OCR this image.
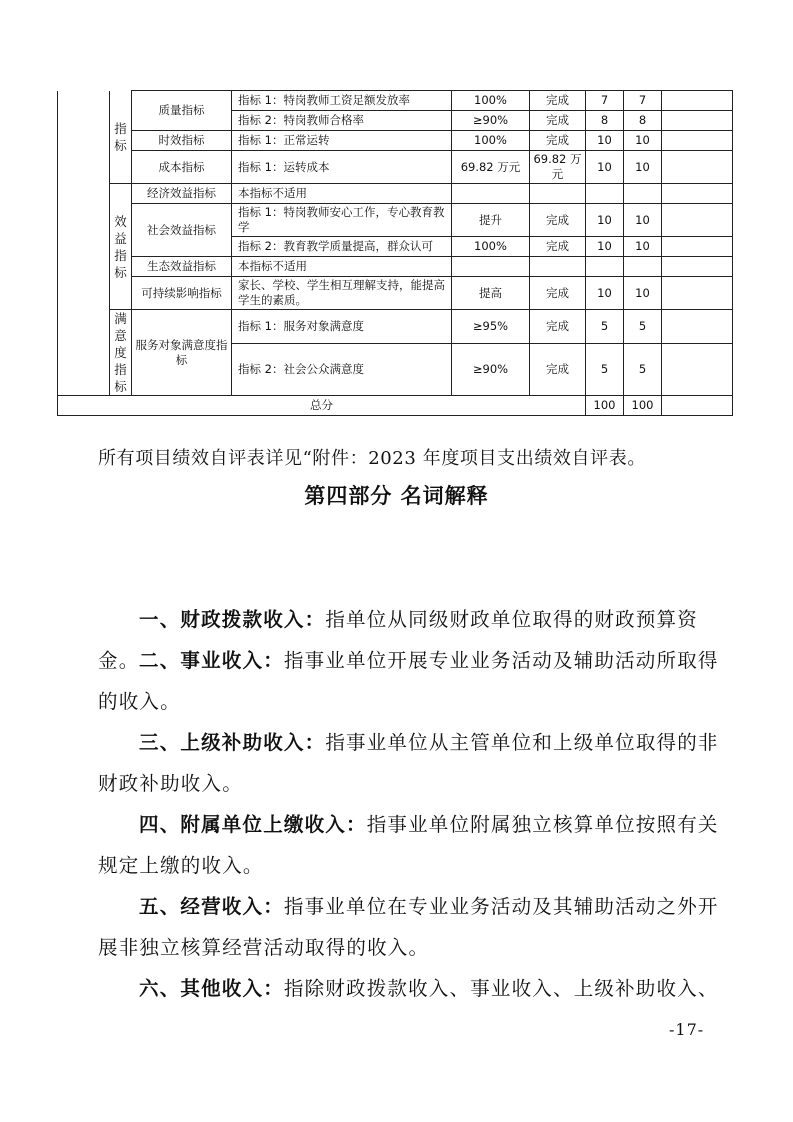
	指标	质量指标	指标 1：特岗教师工资足额发放率	100%	完成	7	7	
			指标 2：特岗教师合格率	≥90%	完成	8	8	
		时效指标	指标 1：正常运转	100%	完成	10	10	
		成本指标	指标 1：运转成本	69.82 万元	69.82 万元	10	10	

	效益指标	经济效益指标	本指标不适用					
		社会效益指标	指标 1：特岗教师安心工作，专心教育教学	提升	完成	10	10	
			指标 2：教育教学质量提高，群众认可	100%	完成	10	10	
		生态效益指标	本指标不适用					
		可持续影响指标	家长、学校、学生相互理解支持，能提高学生的素质。	提高	完成	10	10	

	满意度指标	服务对象满意度指标	指标 1：服务对象满意度	≥95%	完成	5	5	
			指标 2：社会公众满意度	≥90%	完成	5	5	
总分						100	100	
所有项目绩效自评表详见“附件：2023 年度项目支出绩效自评表。
第四部分 名词解释
一、财政拨款收入：指单位从同级财政单位取得的财政预算资金。 二、事业收入：指事业单位开展专业业务活动及辅助活动所取得的收入。
三、上级补助收入：指事业单位从主管单位和上级单位取得的非财政补助收入。
四、附属单位上缴收入：指事业单位附属独立核算单位按照有关规定上缴的收入。
五、经营收入：指事业单位在专业业务活动及其辅助活动之外开展非独立核算经营活动取得的收入。
六、其他收入：指除财政拨款收入、事业收入、上级补助收入、
-17-
